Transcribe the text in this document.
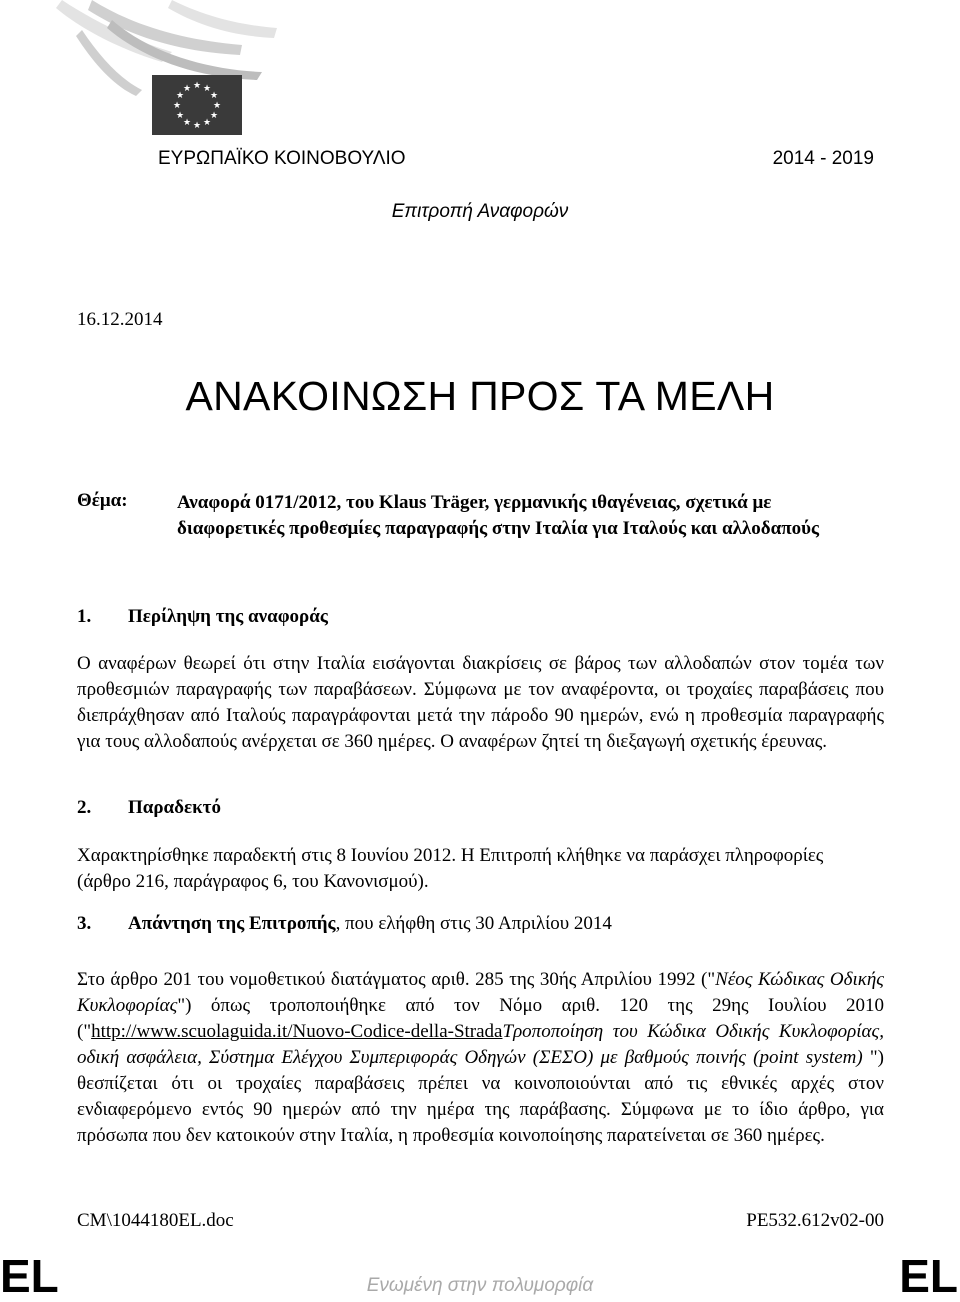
★ ★
★
★
★
★
★
★
★
★
★
★
ΕΥΡΩΠΑΪΚΟ ΚΟΙΝΟΒΟΥΛΙΟ	2014 - 2019
Επιτροπή Αναφορών
16.12.2014
ΑΝΑΚΟΙΝΩΣΗ ΠΡΟΣ ΤΑ ΜΕΛΗ
Θέμα:	Αναφορά 0171/2012, του Klaus Träger, γερμανικής ιθαγένειας, σχετικά με διαφορετικές προθεσμίες παραγραφής στην Ιταλία για Ιταλούς και αλλοδαπούς
1. Περίληψη της αναφοράς

Ο αναφέρων θεωρεί ότι στην Ιταλία εισάγονται διακρίσεις σε βάρος των αλλοδαπών στον τομέα των προθεσμιών παραγραφής των παραβάσεων. Σύμφωνα με τον αναφέροντα, οι τροχαίες παραβάσεις που διεπράχθησαν από Ιταλούς παραγράφονται μετά την πάροδο 90 ημερών, ενώ η προθεσμία παραγραφής για τους αλλοδαπούς ανέρχεται σε 360 ημέρες. Ο αναφέρων ζητεί τη διεξαγωγή σχετικής έρευνας.

2. Παραδεκτό

Χαρακτηρίσθηκε παραδεκτή στις 8 Ιουνίου 2012. Η Επιτροπή κλήθηκε να παράσχει πληροφορίες (άρθρο 216, παράγραφος 6, του Κανονισμού).

3. Απάντηση της Επιτροπής, που ελήφθη στις 30 Απριλίου 2014

Στο άρθρο 201 του νομοθετικού διατάγματος αριθ. 285 της 30ής Απριλίου 1992 ("Νέος Κώδικας Οδικής Κυκλοφορίας") όπως τροποποιήθηκε από τον Νόμο αριθ. 120 της 29ης Ιουλίου 2010 ("http://www.scuolaguida.it/Nuovo-Codice-della-StradaΤροποποίηση του Κώδικα Οδικής Κυκλοφορίας, οδική ασφάλεια, Σύστημα Ελέγχου Συμπεριφοράς Οδηγών (ΣΕΣΟ) με βαθμούς ποινής (point system) ") θεσπίζεται ότι οι τροχαίες παραβάσεις πρέπει να κοινοποιούνται από τις εθνικές αρχές στον ενδιαφερόμενο εντός 90 ημερών από την ημέρα της παράβασης. Σύμφωνα με το ίδιο άρθρο, για πρόσωπα που δεν κατοικούν στην Ιταλία, η προθεσμία κοινοποίησης παρατείνεται σε 360 ημέρες.

CM\1044180EL.doc	PE532.612v02-00
EL	EL
Ενωμένη στην πολυμορφία
